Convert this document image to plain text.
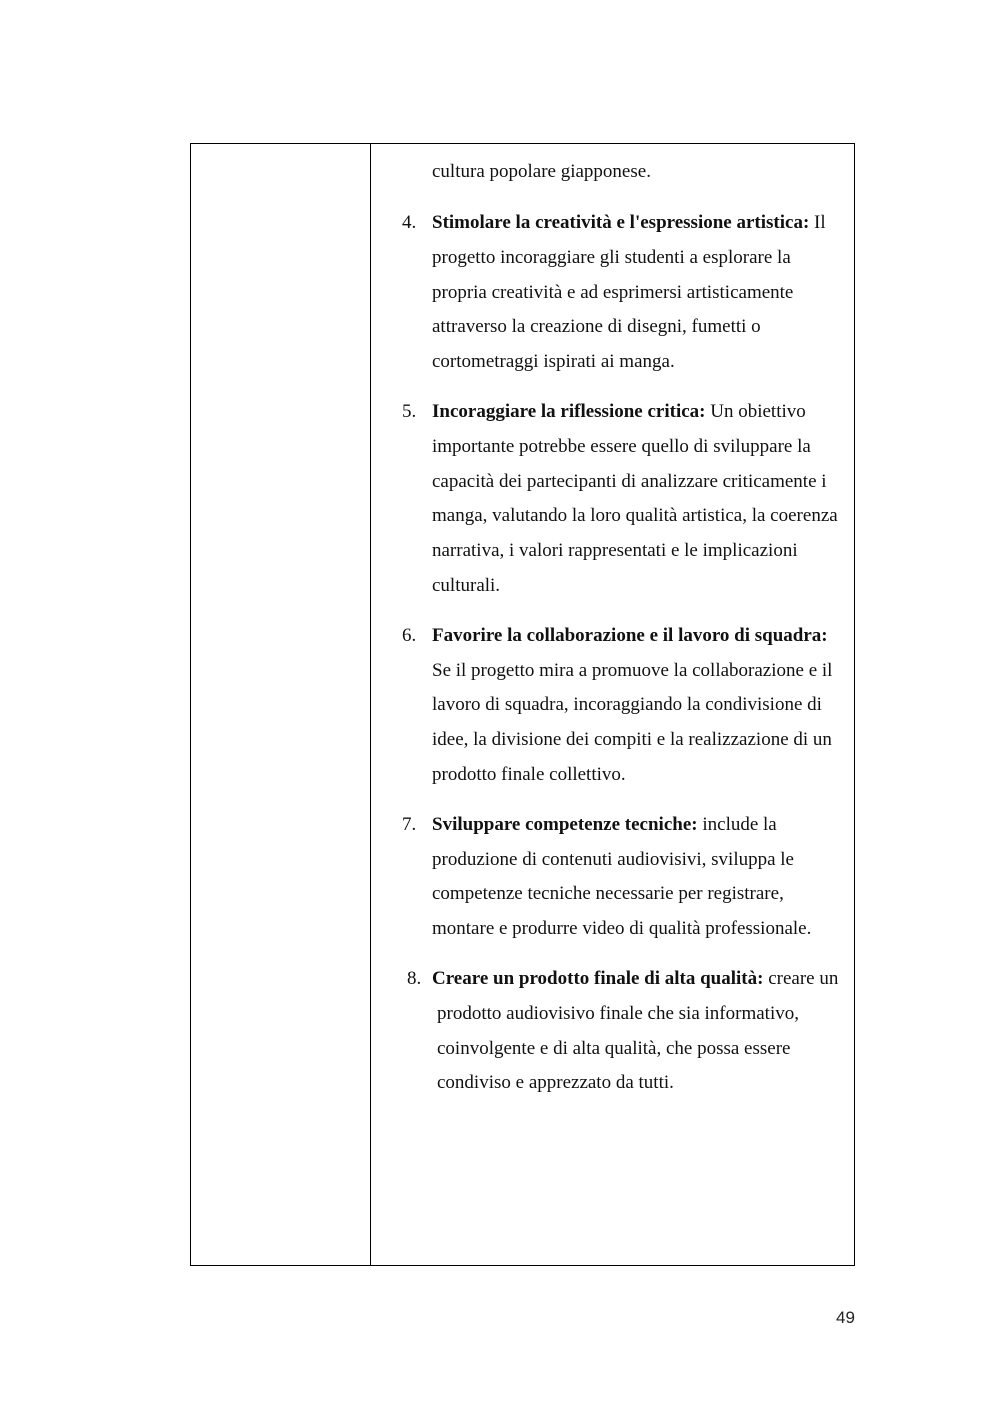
cultura popolare giapponese.

4. Stimolare la creatività e l'espressione artistica: Il progetto incoraggiare gli studenti a esplorare la propria creatività e ad esprimersi artisticamente attraverso la creazione di disegni, fumetti o cortometraggi ispirati ai manga.
5. Incoraggiare la riflessione critica: Un obiettivo importante potrebbe essere quello di sviluppare la capacità dei partecipanti di analizzare criticamente i manga, valutando la loro qualità artistica, la coerenza narrativa, i valori rappresentati e le implicazioni culturali.
6. Favorire la collaborazione e il lavoro di squadra: Se il progetto mira a promuove la collaborazione e il lavoro di squadra, incoraggiando la condivisione di idee, la divisione dei compiti e la realizzazione di un prodotto finale collettivo.
7. Sviluppare competenze tecniche: include la produzione di contenuti audiovisivi, sviluppa le competenze tecniche necessarie per registrare, montare e produrre video di qualità professionale.
8. Creare un prodotto finale di alta qualità: creare un prodotto audiovisivo finale che sia informativo, coinvolgente e di alta qualità, che possa essere condiviso e apprezzato da tutti.
49
